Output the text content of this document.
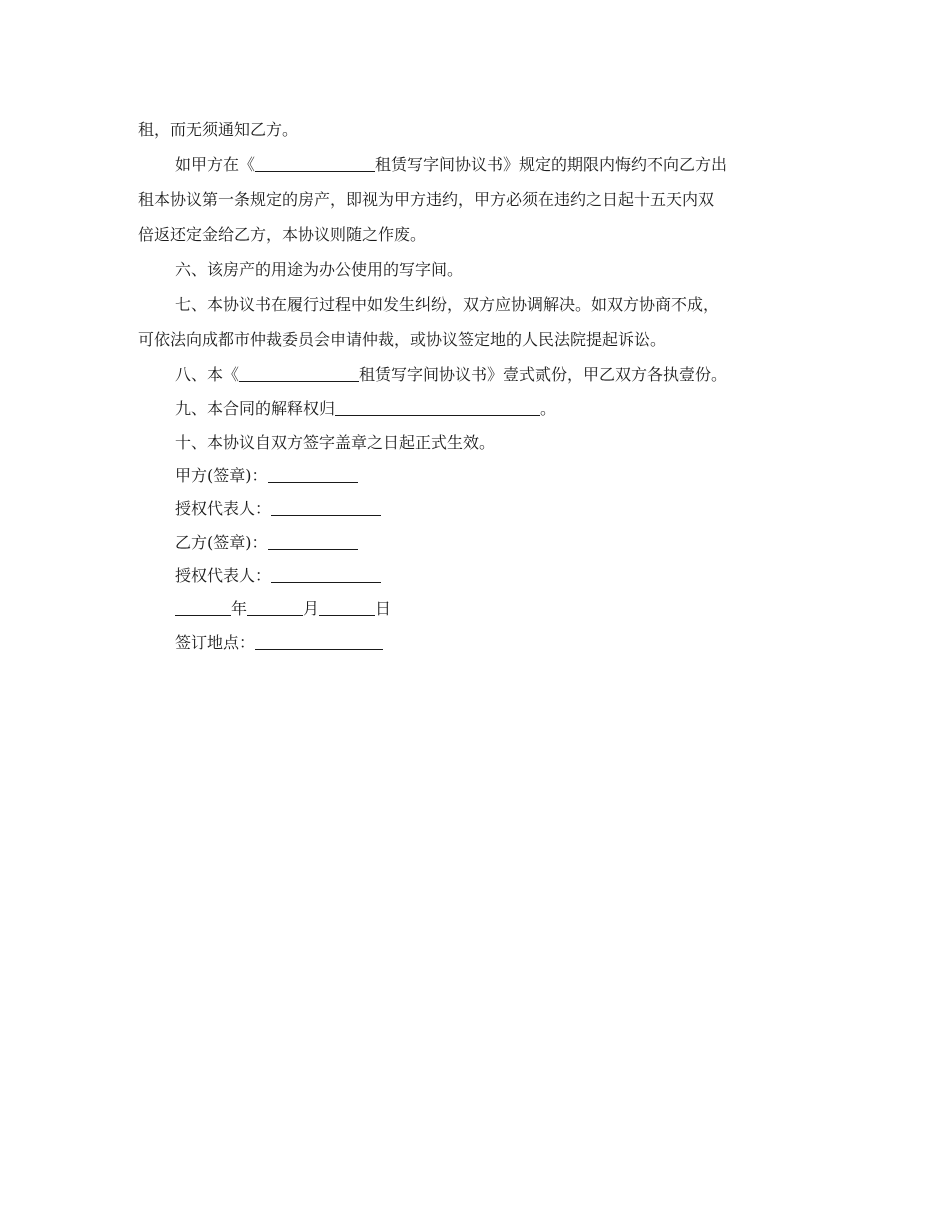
租，而无须通知乙方。
如甲方在《	租赁写字间协议书》规定的期限内悔约不向乙方出
租本协议第一条规定的房产，即视为甲方违约，甲方必须在违约之日起十五天内双
倍返还定金给乙方，本协议则随之作废。
六、该房产的用途为办公使用的写字间。
七、本协议书在履行过程中如发生纠纷，双方应协调解决。如双方协商不成，
可依法向成都市仲裁委员会申请仲裁，或协议签定地的人民法院提起诉讼。
八、本《	租赁写字间协议书》壹式贰份，甲乙双方各执壹份。
九、本合同的解释权归	。
十、本协议自双方签字盖章之日起正式生效。
甲方(签章)：
授权代表人：
乙方(签章)：
授权代表人：
年	月	日
签订地点：
